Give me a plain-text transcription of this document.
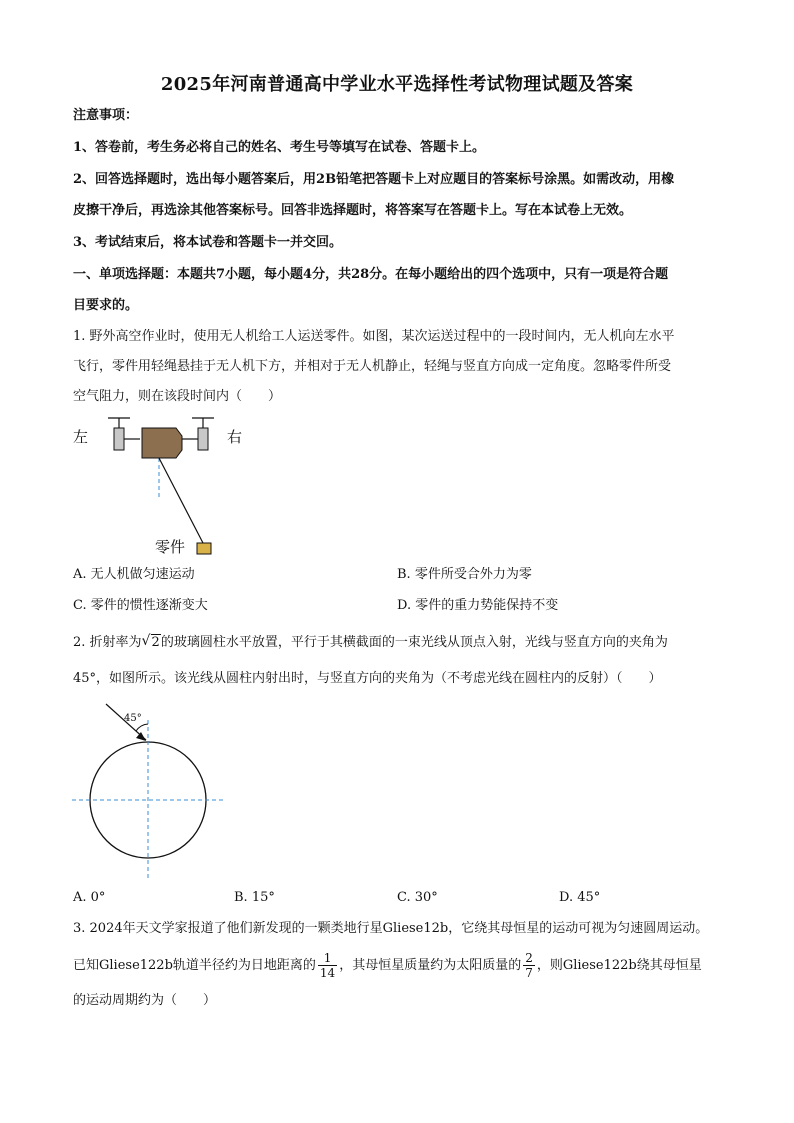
2025年河南普通高中学业水平选择性考试物理试题及答案
注意事项：
1、答卷前，考生务必将自己的姓名、考生号等填写在试卷、答题卡上。
2、回答选择题时，选出每小题答案后，用2B铅笔把答题卡上对应题目的答案标号涂黑。如需改动，用橡
皮擦干净后，再选涂其他答案标号。回答非选择题时，将答案写在答题卡上。写在本试卷上无效。
3、考试结束后，将本试卷和答题卡一并交回。
一、单项选择题：本题共7小题，每小题4分，共28分。在每小题给出的四个选项中，只有一项是符合题
目要求的。
1. 野外高空作业时，使用无人机给工人运送零件。如图，某次运送过程中的一段时间内，无人机向左水平
飞行，零件用轻绳悬挂于无人机下方，并相对于无人机静止，轻绳与竖直方向成一定角度。忽略零件所受
空气阻力，则在该段时间内（　　）
左	右
零件
A. 无人机做匀速运动	B. 零件所受合外力为零
C. 零件的惯性逐渐变大	D. 零件的重力势能保持不变
2. 折射率为√ 2的玻璃圆柱水平放置，平行于其横截面的一束光线从顶点入射，光线与竖直方向的夹角为
45°，如图所示。该光线从圆柱内射出时，与竖直方向的夹角为（不考虑光线在圆柱内的反射）（　　）
45°
A. 0°	B. 15°	C. 30°	D. 45°
3. 2024年天文学家报道了他们新发现的一颗类地行星Gliese12b，它绕其母恒星的运动可视为匀速圆周运动。
已知Gliese122b轨道半径约为日地距离的 $\frac{1}{14}$ ，其母恒星质量约为太阳质量的 $\frac{2}{7}$ ，则Gliese122b绕其母恒星
的运动周期约为（　　）
